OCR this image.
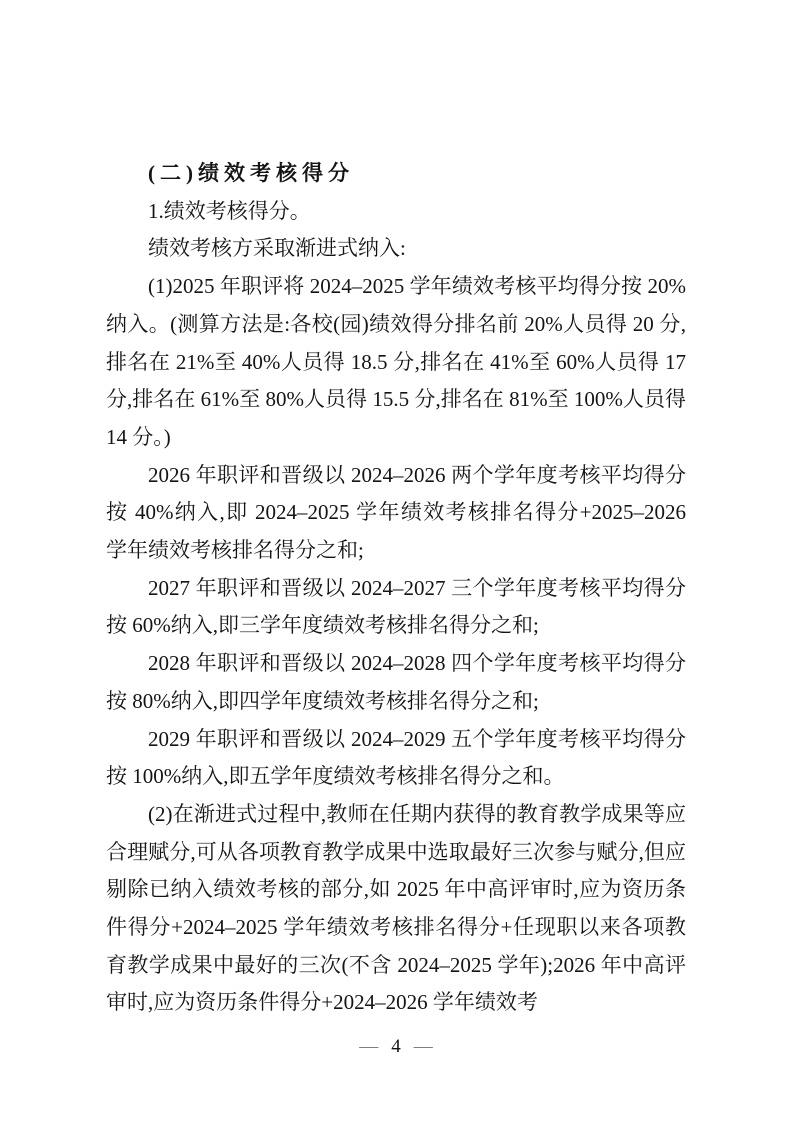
(二)绩效考核得分

1.绩效考核得分。

绩效考核方采取渐进式纳入:

(1)2025 年职评将 2024–2025 学年绩效考核平均得分按 20%纳入。(测算方法是:各校(园)绩效得分排名前 20%人员得 20 分,排名在 21%至 40%人员得 18.5 分,排名在 41%至 60%人员得 17 分,排名在 61%至 80%人员得 15.5 分,排名在 81%至 100%人员得 14 分。)

2026 年职评和晋级以 2024–2026 两个学年度考核平均得分按 40%纳入,即 2024–2025 学年绩效考核排名得分+2025–2026 学年绩效考核排名得分之和;

2027 年职评和晋级以 2024–2027 三个学年度考核平均得分按 60%纳入,即三学年度绩效考核排名得分之和;

2028 年职评和晋级以 2024–2028 四个学年度考核平均得分按 80%纳入,即四学年度绩效考核排名得分之和;

2029 年职评和晋级以 2024–2029 五个学年度考核平均得分按 100%纳入,即五学年度绩效考核排名得分之和。

(2)在渐进式过程中,教师在任期内获得的教育教学成果等应合理赋分,可从各项教育教学成果中选取最好三次参与赋分,但应剔除已纳入绩效考核的部分,如 2025 年中高评审时,应为资历条件得分+2024–2025 学年绩效考核排名得分+任现职以来各项教育教学成果中最好的三次(不含 2024–2025 学年);2026 年中高评审时,应为资历条件得分+2024–2026 学年绩效考

— 4 —
